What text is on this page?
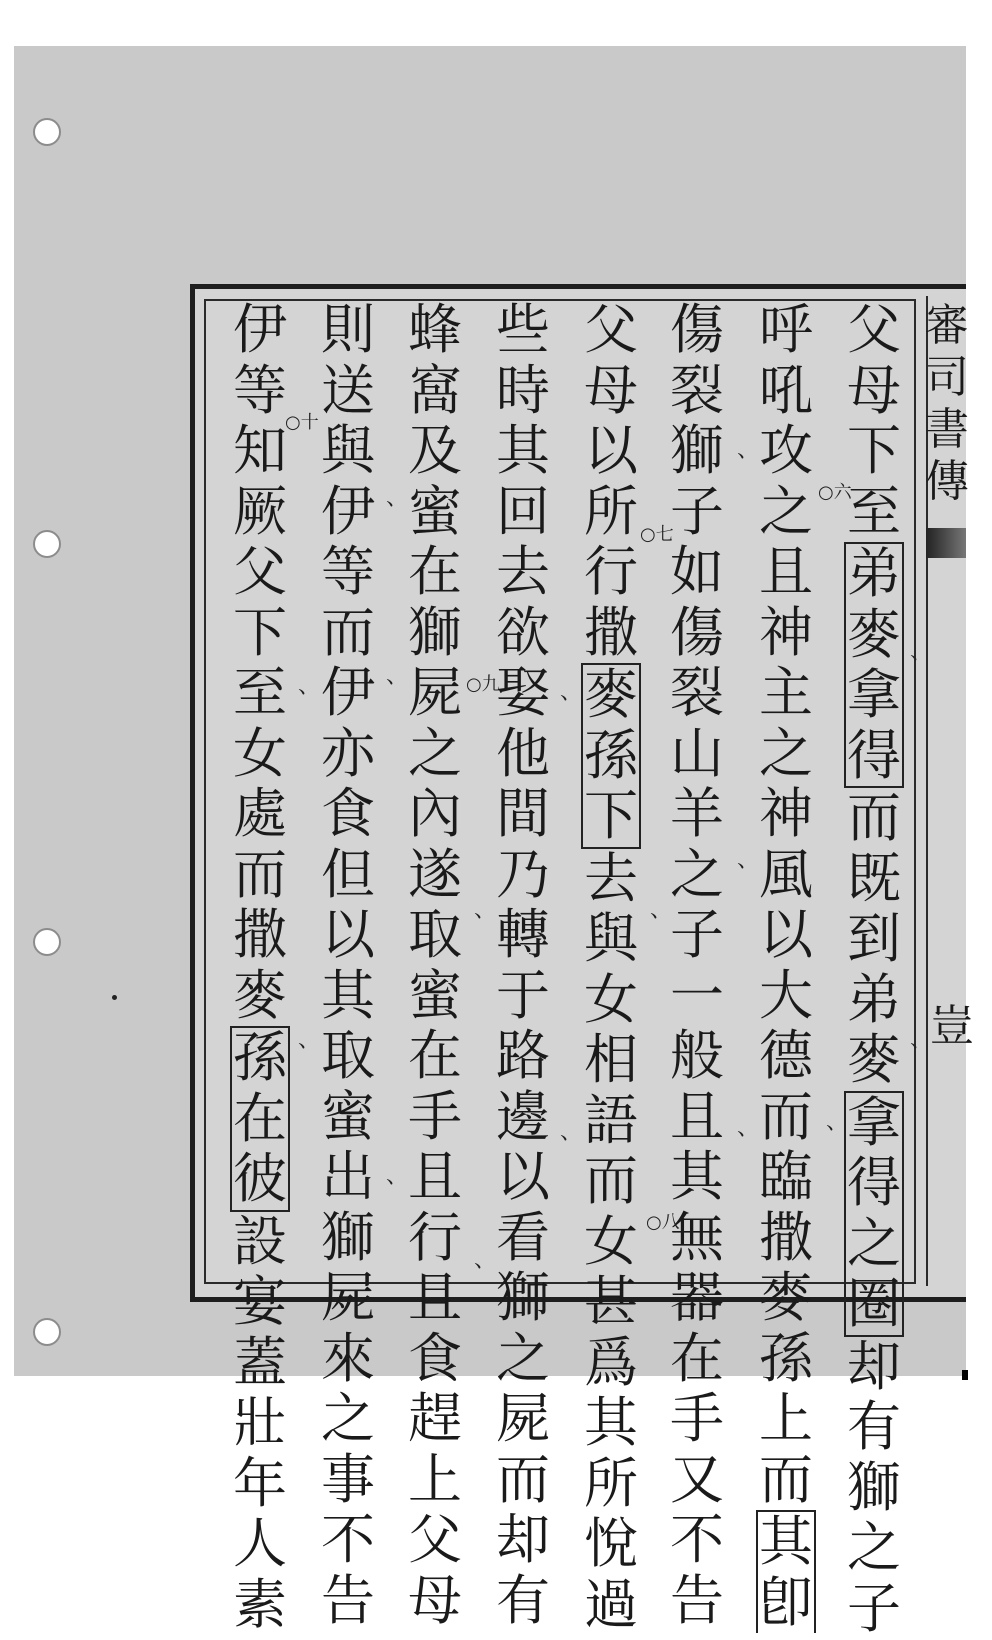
父
母
下
至
弟
麥
拿
得
而
既
到
弟
麥
拿
得
之
圈
却
有
獅
之
子
呼
吼
攻
之
且
神
主
之
神
風
以
大
德
而
臨
撒
麥
孫
上
而
其
卽
傷
裂
獅
子
如
傷
裂
山
羊
之
子
一
般
且
其
無
器
在
手
又
不
告
父
母
以
所
行
撒
麥
孫
下
去
與
女
相
語
而
女
甚
爲
其
所
悅
過
些
時
其
回
去
欲
娶
他
間
乃
轉
于
路
邊
以
看
獅
之
屍
而
却
有
蜂
窩
及
蜜
在
獅
屍
之
內
遂
取
蜜
在
手
且
行
且
食
趕
上
父
母
則
送
與
伊
等
而
伊
亦
食
但
以
其
取
蜜
出
獅
屍
來
之
事
不
告
伊
等
知
厥
父
下
至
女
處
而
撒
麥
孫
在
彼
設
宴
蓋
壯
年
人
素
審司書傳
豈
○六
○七
○八
○九
○十
、
、
、
、
、
、
、
、
、
、
、
、
、
、
、
、
